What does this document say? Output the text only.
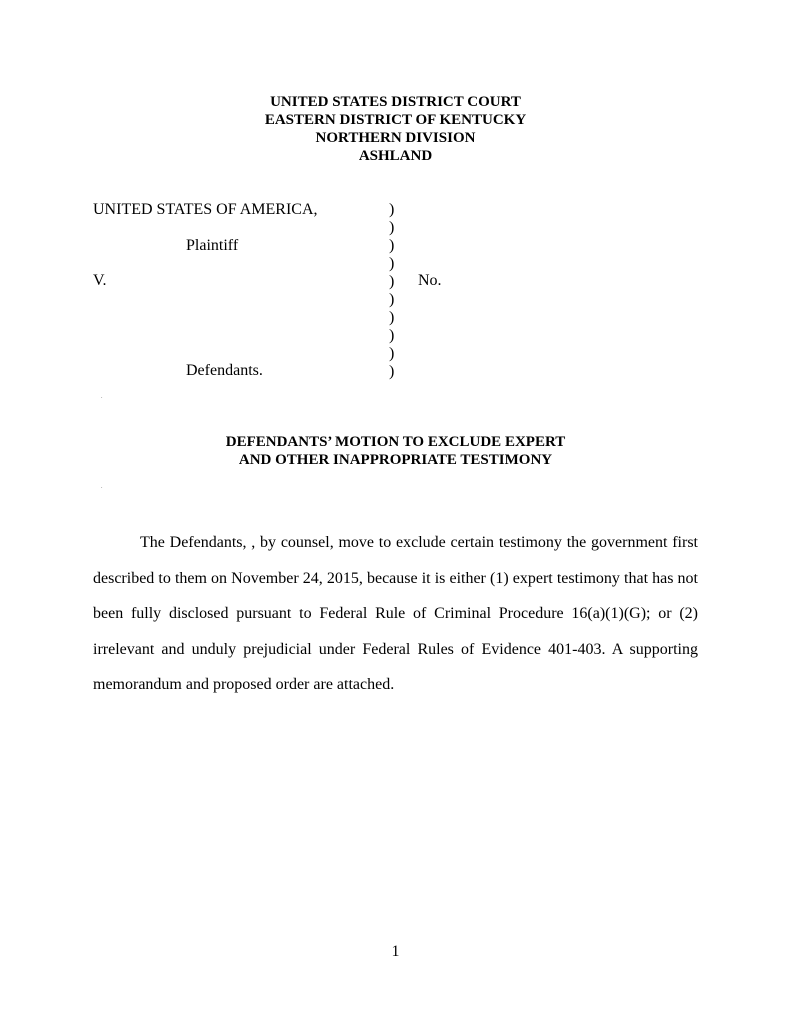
UNITED STATES DISTRICT COURT
EASTERN DISTRICT OF KENTUCKY
NORTHERN DIVISION
ASHLAND
UNITED STATES OF AMERICA,
Plaintiff
V.
Defendants.
)
)
)
)
)
)
)
)
)
)
No.
.
DEFENDANTS’ MOTION TO EXCLUDE EXPERT
AND OTHER INAPPROPRIATE TESTIMONY
.
The Defendants, , by counsel, move to exclude certain testimony the government first described to them on November 24, 2015, because it is either (1) expert testimony that has not been fully disclosed pursuant to Federal Rule of Criminal Procedure 16(a)(1)(G); or (2) irrelevant and unduly prejudicial under Federal Rules of Evidence 401-403. A supporting memorandum and proposed order are attached.
1
